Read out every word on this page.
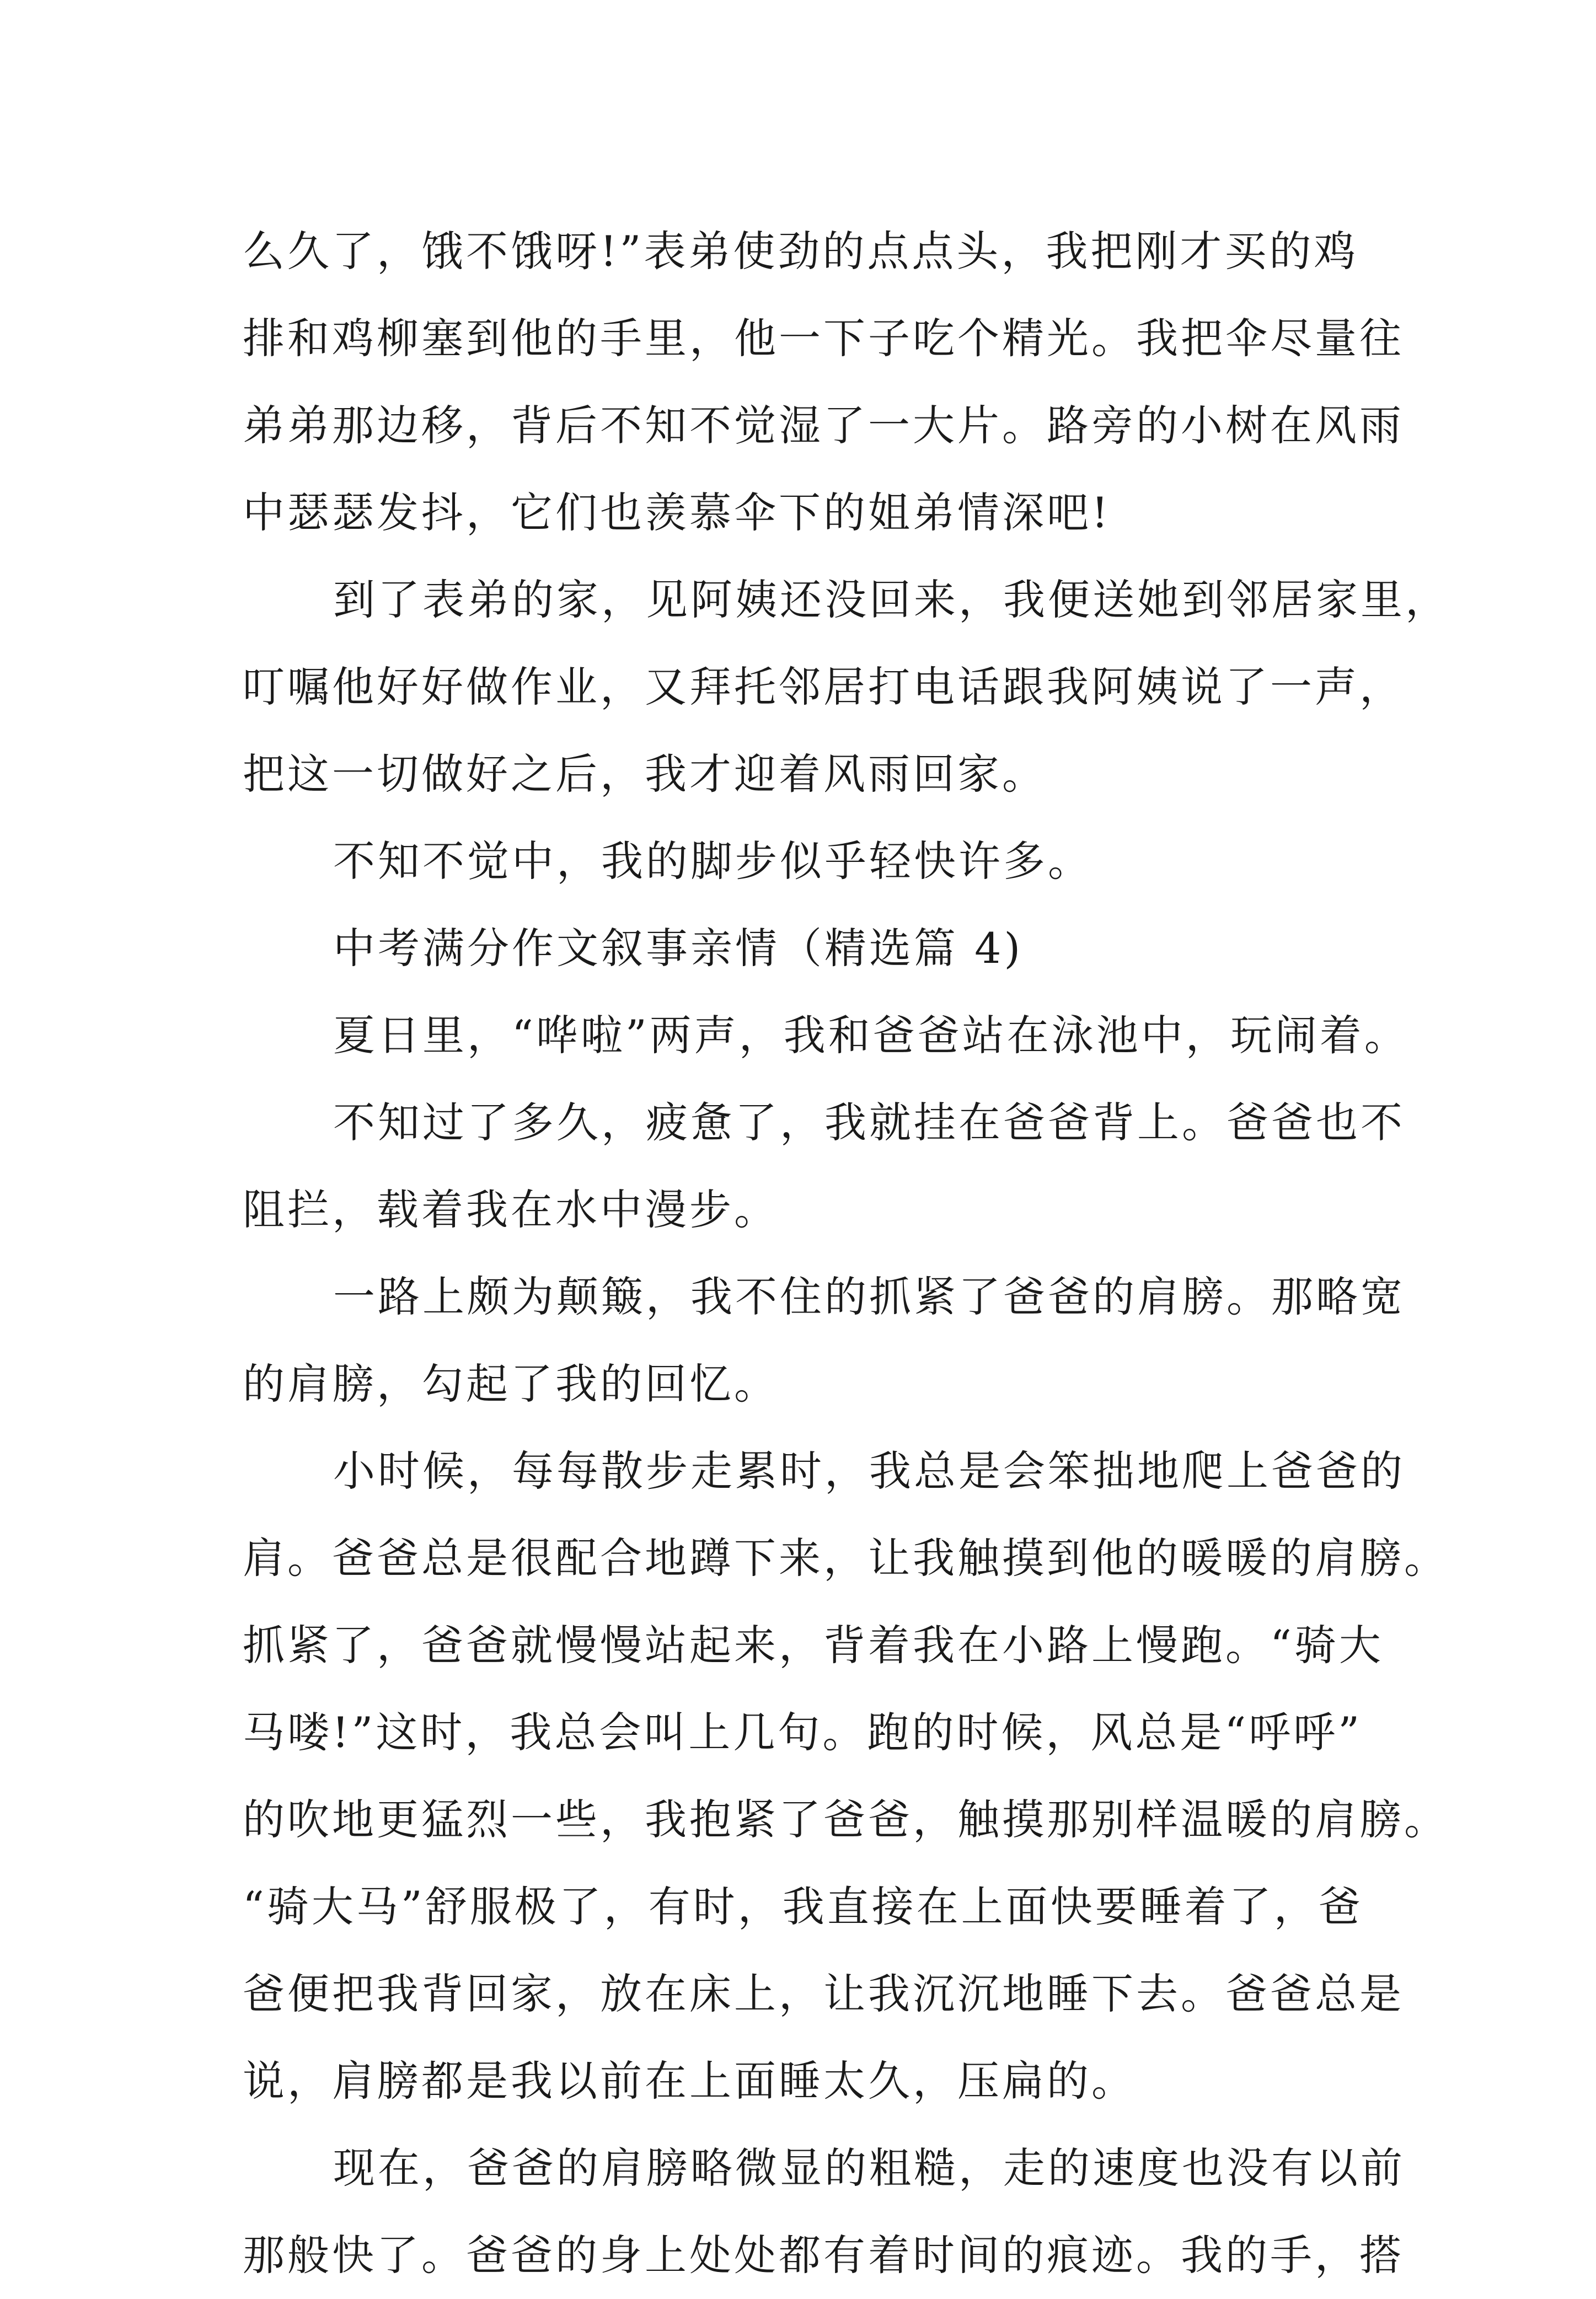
么久了，饿不饿呀!”表弟使劲的点点头，我把刚才买的鸡
排和鸡柳塞到他的手里，他一下子吃个精光。我把伞尽量往
弟弟那边移，背后不知不觉湿了一大片。路旁的小树在风雨
中瑟瑟发抖，它们也羡慕伞下的姐弟情深吧!
到了表弟的家，见阿姨还没回来，我便送她到邻居家里，
叮嘱他好好做作业，又拜托邻居打电话跟我阿姨说了一声，
把这一切做好之后，我才迎着风雨回家。
不知不觉中，我的脚步似乎轻快许多。
中考满分作文叙事亲情（精选篇 4)
夏日里，“哗啦”两声，我和爸爸站在泳池中，玩闹着。
不知过了多久，疲惫了，我就挂在爸爸背上。爸爸也不
阻拦，载着我在水中漫步。
一路上颇为颠簸，我不住的抓紧了爸爸的肩膀。那略宽
的肩膀，勾起了我的回忆。
小时候，每每散步走累时，我总是会笨拙地爬上爸爸的
肩。爸爸总是很配合地蹲下来，让我触摸到他的暖暖的肩膀。
抓紧了，爸爸就慢慢站起来，背着我在小路上慢跑。“骑大
马喽!”这时，我总会叫上几句。跑的时候，风总是“呼呼”
的吹地更猛烈一些，我抱紧了爸爸，触摸那别样温暖的肩膀。
“骑大马”舒服极了，有时，我直接在上面快要睡着了，爸
爸便把我背回家，放在床上，让我沉沉地睡下去。爸爸总是
说，肩膀都是我以前在上面睡太久，压扁的。
现在，爸爸的肩膀略微显的粗糙，走的速度也没有以前
那般快了。爸爸的身上处处都有着时间的痕迹。我的手，搭
